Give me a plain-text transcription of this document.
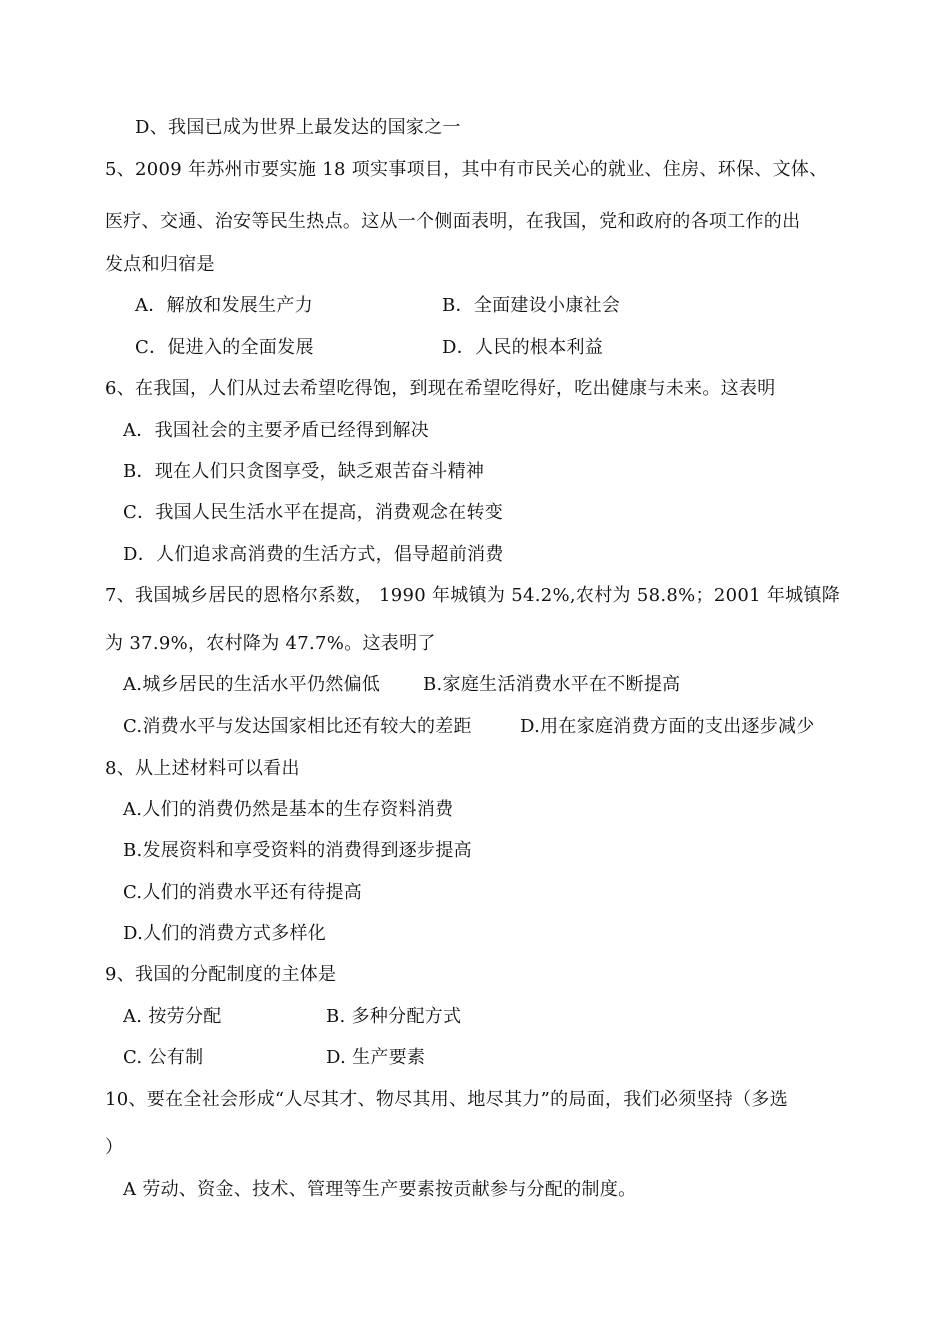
D、我国已成为世界上最发达的国家之一
5、2009 年苏州市要实施 18 项实事项目，其中有市民关心的就业、住房、环保、文体、
医疗、交通、治安等民生热点。这从一个侧面表明，在我国，党和政府的各项工作的出
发点和归宿是
A．解放和发展生产力	B．全面建设小康社会
C．促进入的全面发展	D．人民的根本利益
6、在我国，人们从过去希望吃得饱，到现在希望吃得好，吃出健康与未来。这表明
A．我国社会的主要矛盾已经得到解决
B．现在人们只贪图享受，缺乏艰苦奋斗精神
C．我国人民生活水平在提高，消费观念在转变
D．人们追求高消费的生活方式，倡导超前消费
7、我国城乡居民的恩格尔系数， 1990 年城镇为 54.2%,农村为 58.8%；2001 年城镇降
为 37.9%，农村降为 47.7%。这表明了
A.城乡居民的生活水平仍然偏低 B.家庭生活消费水平在不断提高
C.消费水平与发达国家相比还有较大的差距	D.用在家庭消费方面的支出逐步减少
8、从上述材料可以看出
A.人们的消费仍然是基本的生存资料消费
B.发展资料和享受资料的消费得到逐步提高
C.人们的消费水平还有待提高
D.人们的消费方式多样化
9、我国的分配制度的主体是
A. 按劳分配	B. 多种分配方式
C. 公有制	D. 生产要素
10、要在全社会形成“人尽其才、物尽其用、地尽其力”的局面，我们必须坚持（多选
）
A 劳动、资金、技术、管理等生产要素按贡献参与分配的制度。
